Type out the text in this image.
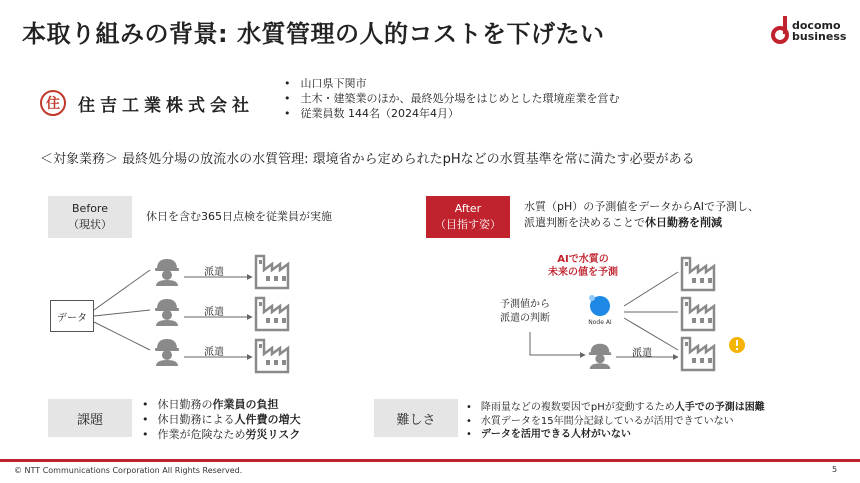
本取り組みの背景: 水質管理の人的コストを下げたい	docomo
business
住	住吉工業株式会社
• 山口県下関市
• 土木・建築業のほか、最終処分場をはじめとした環境産業を営む
• 従業員数 144名（2024年4月）
＜対象業務＞ 最終処分場の放流水の水質管理: 環境省から定められたpHなどの水質基準を常に満たす必要がある
Before
（現状）
休日を含む365日点検を従業員が実施
After
（目指す姿）
水質（pH）の予測値をデータからAIで予測し、
派遣判断を決めることで休日勤務を削減
データ
派遣
派遣
派遣	派遣
AIで水質の
未来の値を予測
予測値から
派遣の判断	Node AI
課題
• 休日勤務の作業員の負担
• 休日勤務による人件費の増大
• 作業が危険なため労災リスク
難しさ
• 降雨量などの複数要因でpHが変動するため人手での予測は困難
• 水質データを15年間分記録しているが活用できていない
• データを活用できる人材がいない
© NTT Communications Corporation All Rights Reserved.	5
